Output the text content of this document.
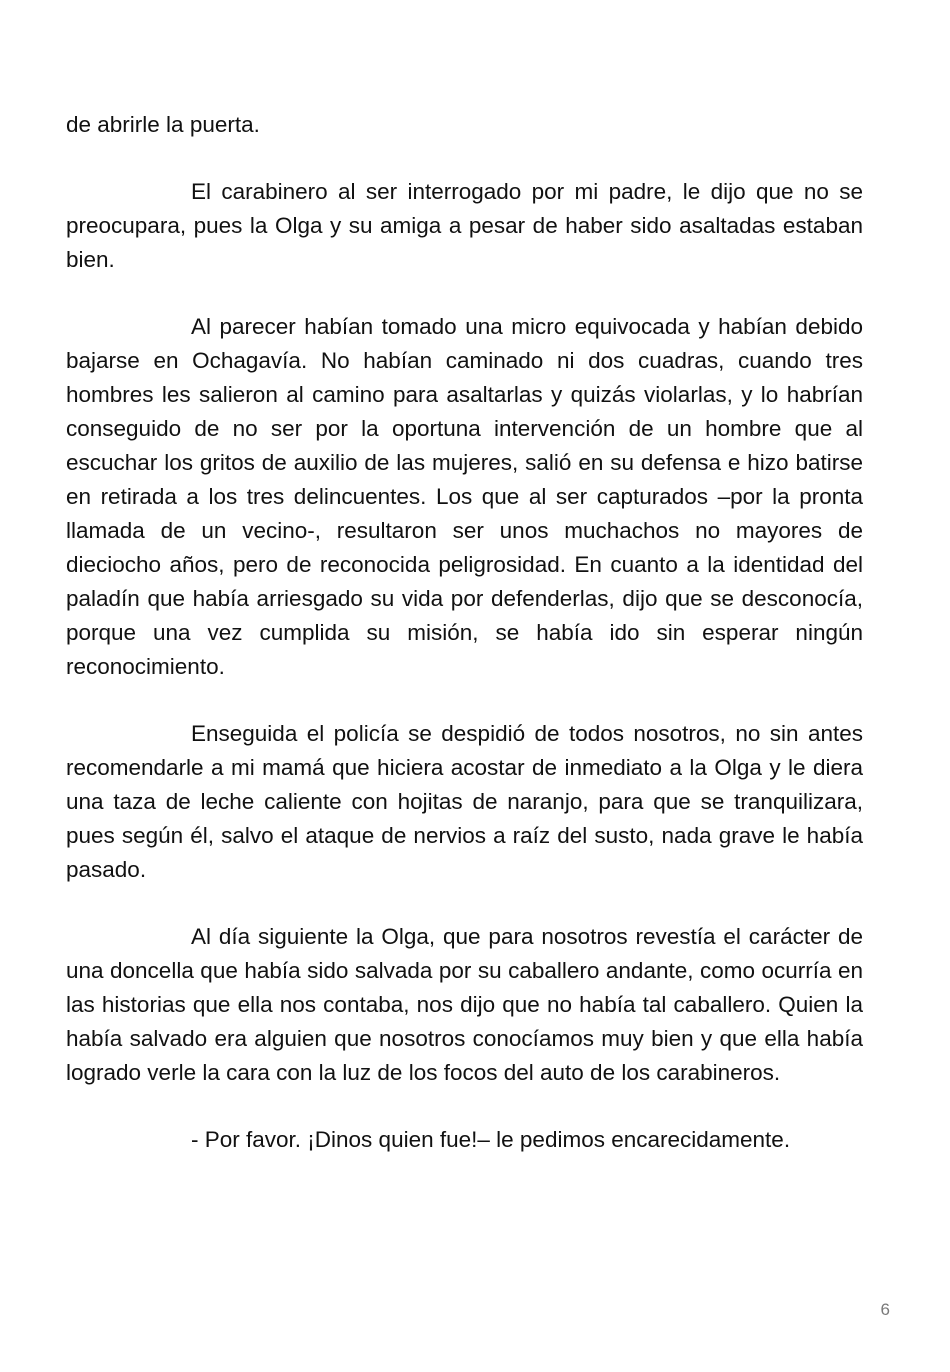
de abrirle la puerta.

El carabinero al ser interrogado por mi padre, le dijo que no se preocupara, pues la Olga y su amiga a pesar de haber sido asaltadas estaban bien.

Al parecer habían tomado una micro equivocada y habían debido bajarse en Ochagavía. No habían caminado ni dos cuadras, cuando tres hombres les salieron al camino para asaltarlas y quizás violarlas, y lo habrían conseguido de no ser por la oportuna intervención de un hombre que al escuchar los gritos de auxilio de las mujeres, salió en su defensa e hizo batirse en retirada a los tres delincuentes. Los que al ser capturados –por la pronta llamada de un vecino-, resultaron ser unos muchachos no mayores de dieciocho años, pero de reconocida peligrosidad. En cuanto a la identidad del paladín que había arriesgado su vida por defenderlas, dijo que se desconocía, porque una vez cumplida su misión, se había ido sin esperar ningún reconocimiento.

Enseguida el policía se despidió de todos nosotros, no sin antes recomendarle a mi mamá que hiciera acostar de inmediato a la Olga y le diera una taza de leche caliente con hojitas de naranjo, para que se tranquilizara, pues según él, salvo el ataque de nervios a raíz del susto, nada grave le había pasado.

Al día siguiente la Olga, que para nosotros revestía el carácter de una doncella que había sido salvada por su caballero andante, como ocurría en las historias que ella nos contaba, nos dijo que no había tal caballero. Quien la había salvado era alguien que nosotros conocíamos muy bien y que ella había logrado verle la cara con la luz de los focos del auto de los carabineros.

- Por favor. ¡Dinos quien fue!– le pedimos encarecidamente.

6
